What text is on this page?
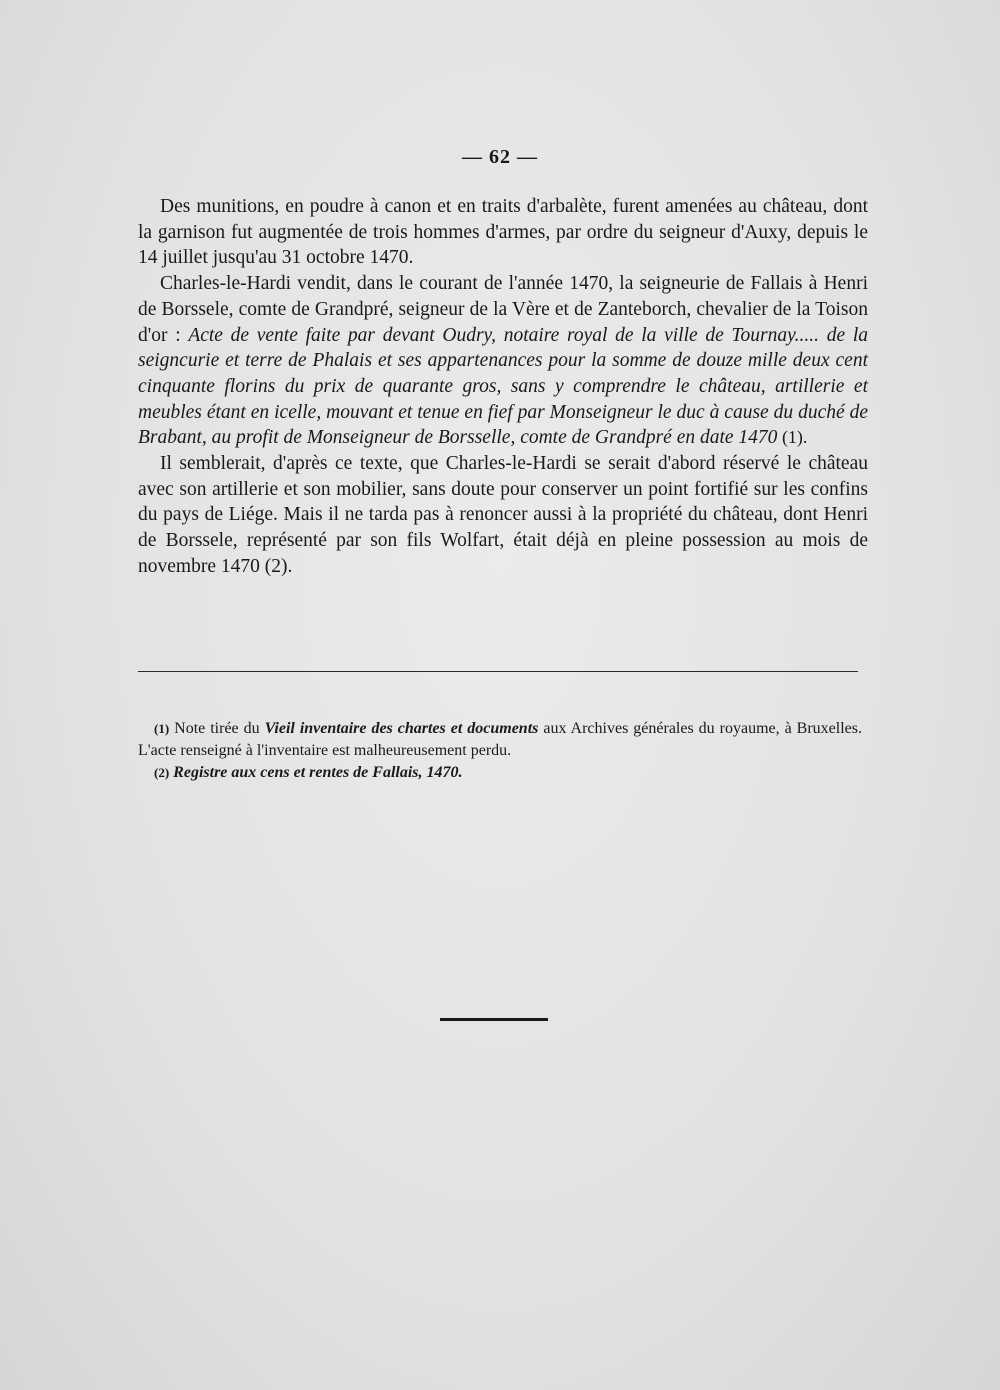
— 62 —

Des munitions, en poudre à canon et en traits d'arbalète, furent amenées au château, dont la garnison fut augmentée de trois hommes d'armes, par ordre du seigneur d'Auxy, depuis le 14 juillet jusqu'au 31 octobre 1470.

Charles-le-Hardi vendit, dans le courant de l'année 1470, la seigneurie de Fallais à Henri de Borssele, comte de Grandpré, seigneur de la Vère et de Zanteborch, chevalier de la Toison d'or : Acte de vente faite par devant Oudry, notaire royal de la ville de Tournay..... de la seigncurie et terre de Phalais et ses appartenances pour la somme de douze mille deux cent cinquante florins du prix de quarante gros, sans y comprendre le château, artillerie et meubles étant en icelle, mouvant et tenue en fief par Monseigneur le duc à cause du duché de Brabant, au profit de Monseigneur de Borsselle, comte de Grandpré en date 1470 (1).

Il semblerait, d'après ce texte, que Charles-le-Hardi se serait d'abord réservé le château avec son artillerie et son mobilier, sans doute pour conserver un point fortifié sur les confins du pays de Liége. Mais il ne tarda pas à renoncer aussi à la propriété du château, dont Henri de Borssele, représenté par son fils Wolfart, était déjà en pleine possession au mois de novembre 1470 (2).

(1) Note tirée du Vieil inventaire des chartes et documents aux Archives générales du royaume, à Bruxelles. L'acte renseigné à l'inventaire est malheureusement perdu.

(2) Registre aux cens et rentes de Fallais, 1470.
